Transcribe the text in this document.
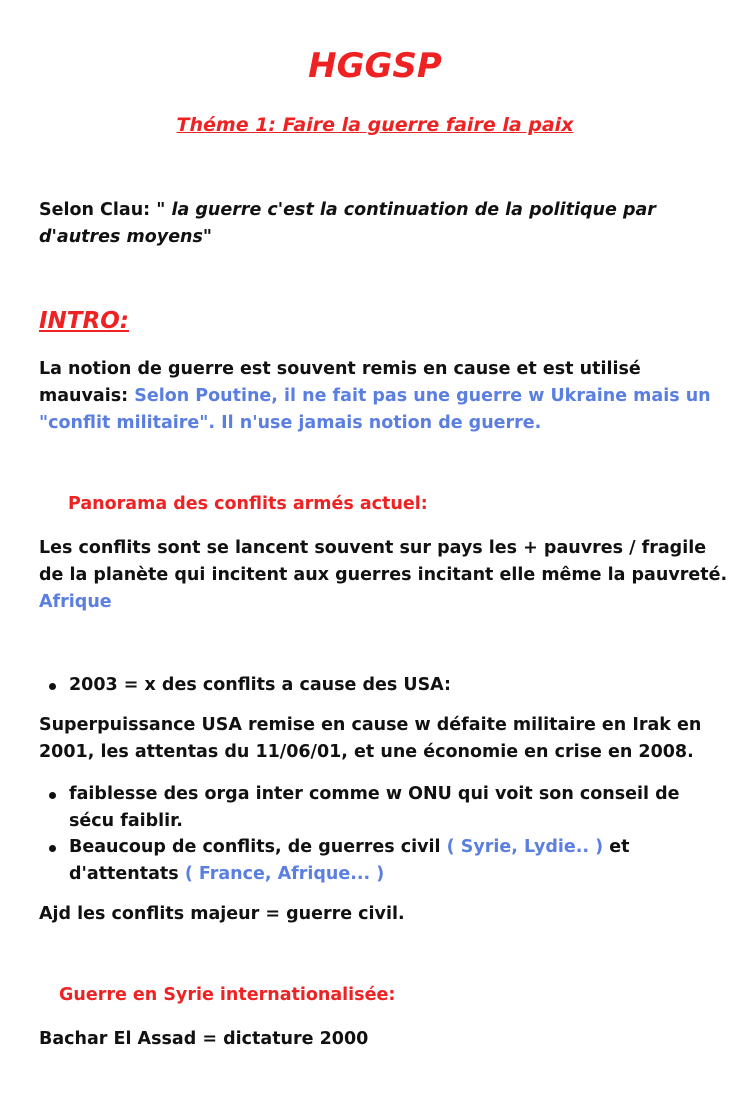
HGGSP
Théme 1: Faire la guerre faire la paix
Selon Clau: " la guerre c'est la continuation de la politique par d'autres moyens"
INTRO:
La notion de guerre est souvent remis en cause et est utilisé mauvais: Selon Poutine, il ne fait pas une guerre w Ukraine mais un "conflit militaire". Il n'use jamais notion de guerre.
Panorama des conflits armés actuel:
Les conflits sont se lancent souvent sur pays les + pauvres / fragile de la planète qui incitent aux guerres incitant elle même la pauvreté.
Afrique
2003 = x des conflits a cause des USA:
Superpuissance USA remise en cause w défaite militaire en Irak en 2001, les attentas du 11/06/01, et une économie en crise en 2008.
faiblesse des orga inter comme w ONU qui voit son conseil de sécu faiblir.
Beaucoup de conflits, de guerres civil ( Syrie, Lydie.. ) et d'attentats ( France, Afrique... )
Ajd les conflits majeur = guerre civil.
Guerre en Syrie internationalisée:
Bachar El Assad = dictature 2000
